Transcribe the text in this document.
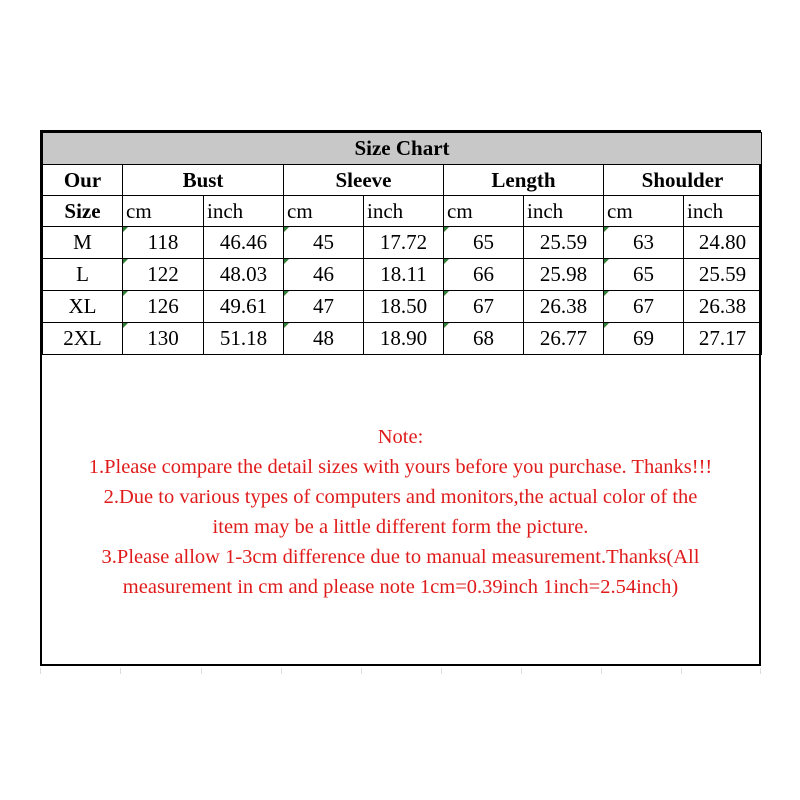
Size Chart								
Our	Bust		Sleeve		Length		Shoulder	
Size	cm	inch	cm	inch	cm	inch	cm	inch
M	118	46.46	45	17.72	65	25.59	63	24.80
L	122	48.03	46	18.11	66	25.98	65	25.59
XL	126	49.61	47	18.50	67	26.38	67	26.38
2XL	130	51.18	48	18.90	68	26.77	69	27.17
Note:
1.Please compare the detail sizes with yours before you purchase. Thanks!!!
2.Due to various types of computers and monitors,the actual color of the
item may be a little different form the picture.
3.Please allow 1-3cm difference due to manual measurement.Thanks(All
measurement in cm and please note 1cm=0.39inch 1inch=2.54inch)
